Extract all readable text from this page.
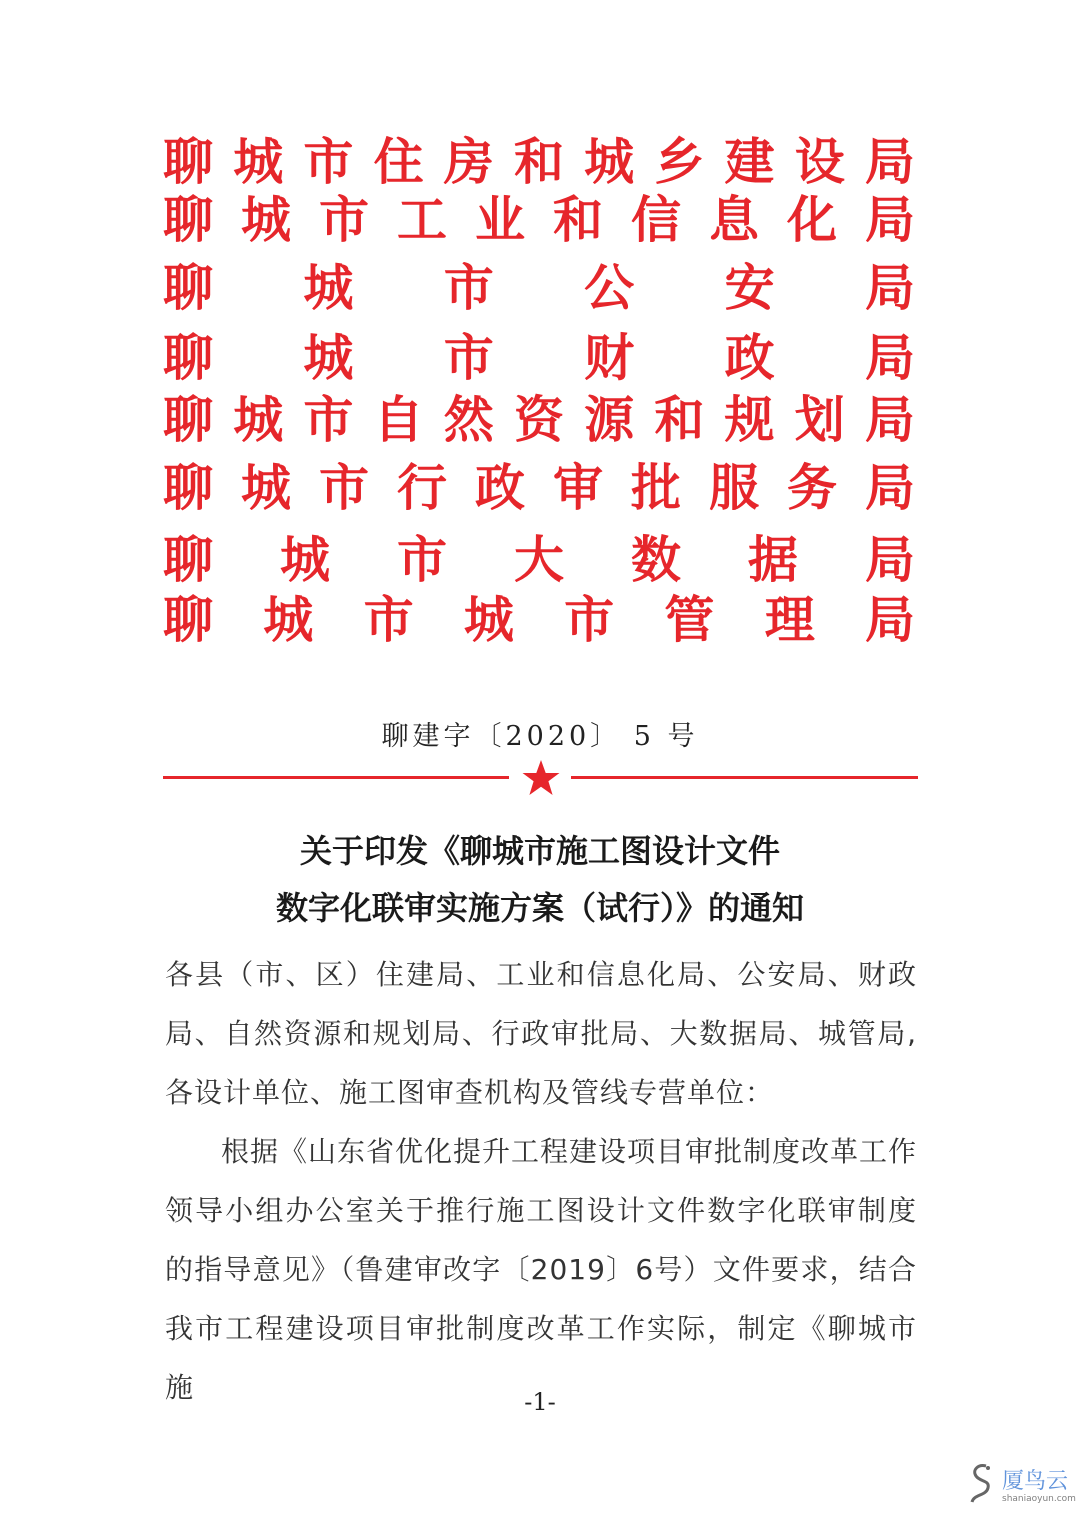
聊 城 市 住 房 和 城 乡 建 设 局
聊 城 市 工 业 和 信 息 化 局
聊 城 市 公 安 局
聊 城 市 财 政 局
聊 城 市 自 然 资 源 和 规 划 局
聊 城 市 行 政 审 批 服 务 局
聊 城 市 大 数 据 局
聊 城 市 城 市 管 理 局
聊建字〔2020〕 5 号
关于印发《聊城市施工图设计文件
数字化联审实施方案（试行）》的通知

各县（市、区）住建局、工业和信息化局、公安局、财政局、自然资源和规划局、行政审批局、大数据局、城管局,各设计单位、施工图审查机构及管线专营单位：

根据《山东省优化提升工程建设项目审批制度改革工作领导小组办公室关于推行施工图设计文件数字化联审制度的指导意见》（鲁建审改字〔2019〕6号）文件要求，结合我市工程建设项目审批制度改革工作实际，制定《聊城市施	-1-
厦鸟云
shaniaoyun.com
